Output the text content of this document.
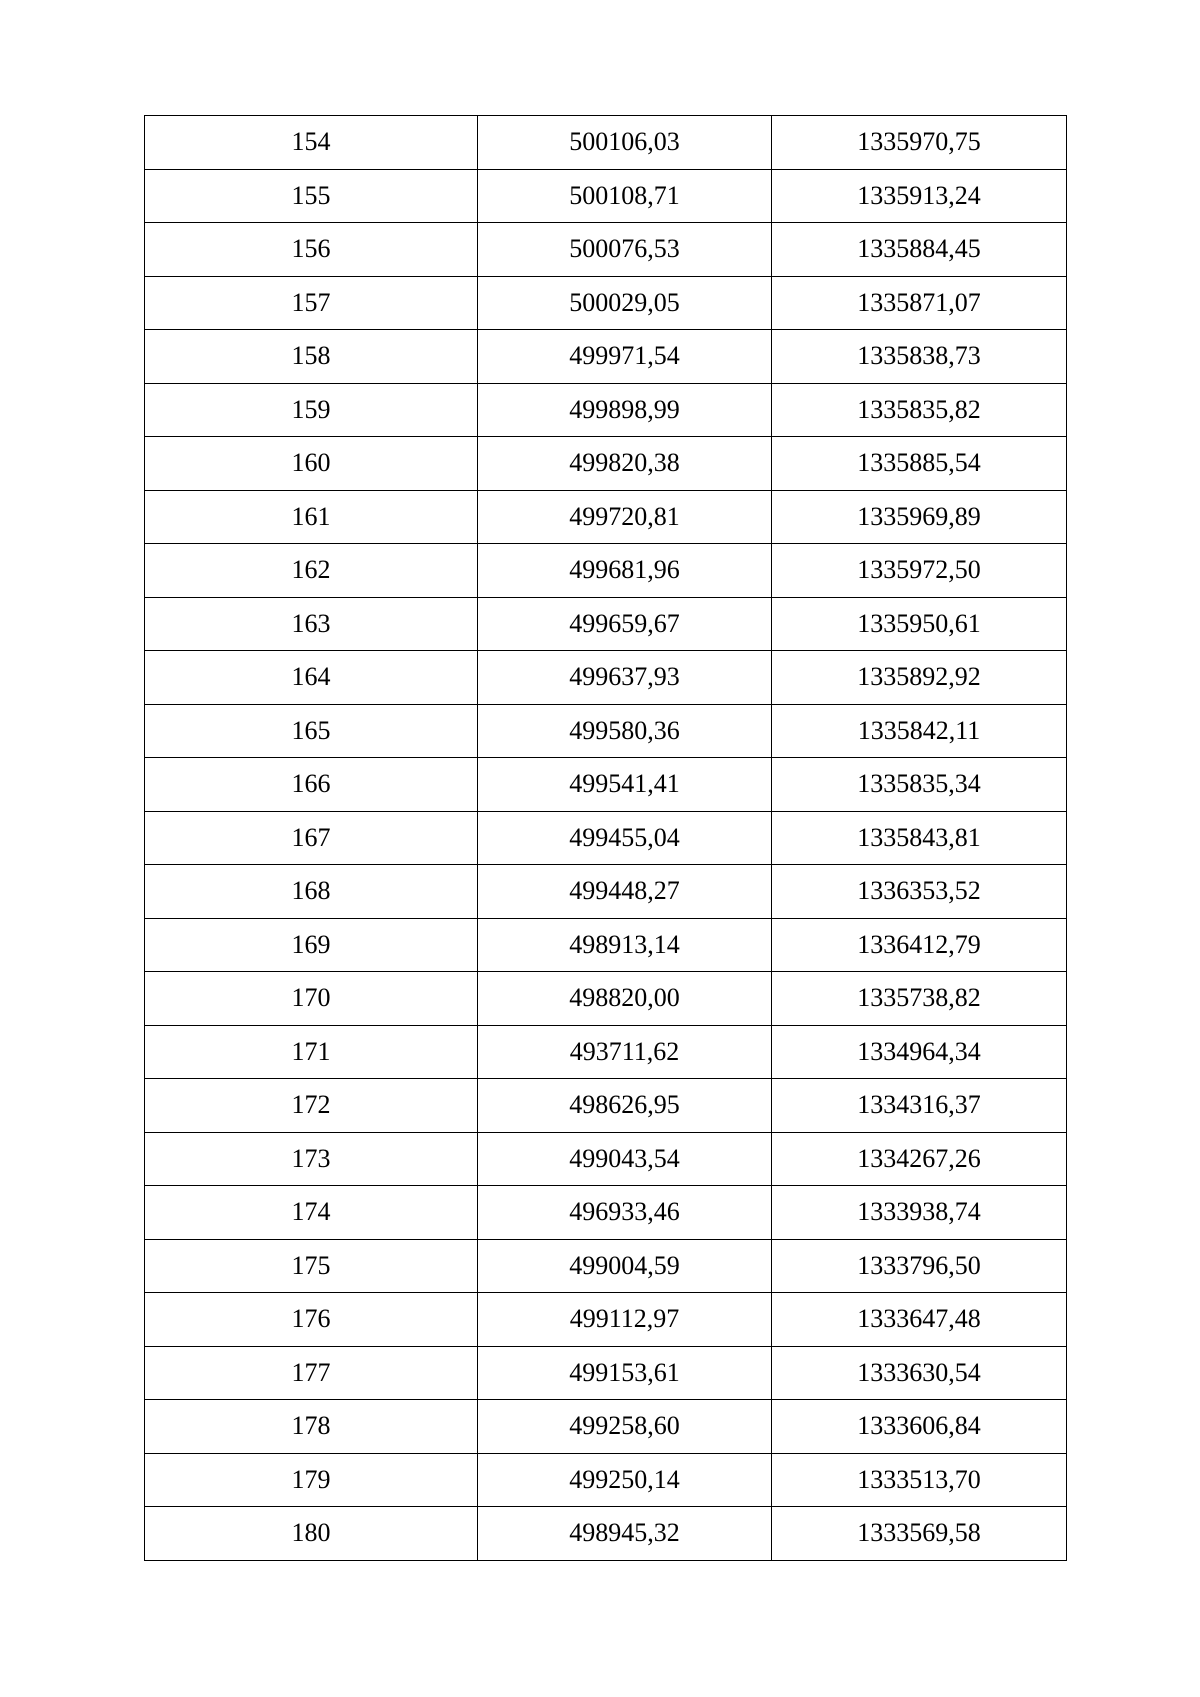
154	500106,03	1335970,75
155	500108,71	1335913,24
156	500076,53	1335884,45
157	500029,05	1335871,07
158	499971,54	1335838,73
159	499898,99	1335835,82
160	499820,38	1335885,54
161	499720,81	1335969,89
162	499681,96	1335972,50
163	499659,67	1335950,61
164	499637,93	1335892,92
165	499580,36	1335842,11
166	499541,41	1335835,34
167	499455,04	1335843,81
168	499448,27	1336353,52
169	498913,14	1336412,79
170	498820,00	1335738,82
171	493711,62	1334964,34
172	498626,95	1334316,37
173	499043,54	1334267,26
174	496933,46	1333938,74
175	499004,59	1333796,50
176	499112,97	1333647,48
177	499153,61	1333630,54
178	499258,60	1333606,84
179	499250,14	1333513,70
180	498945,32	1333569,58
